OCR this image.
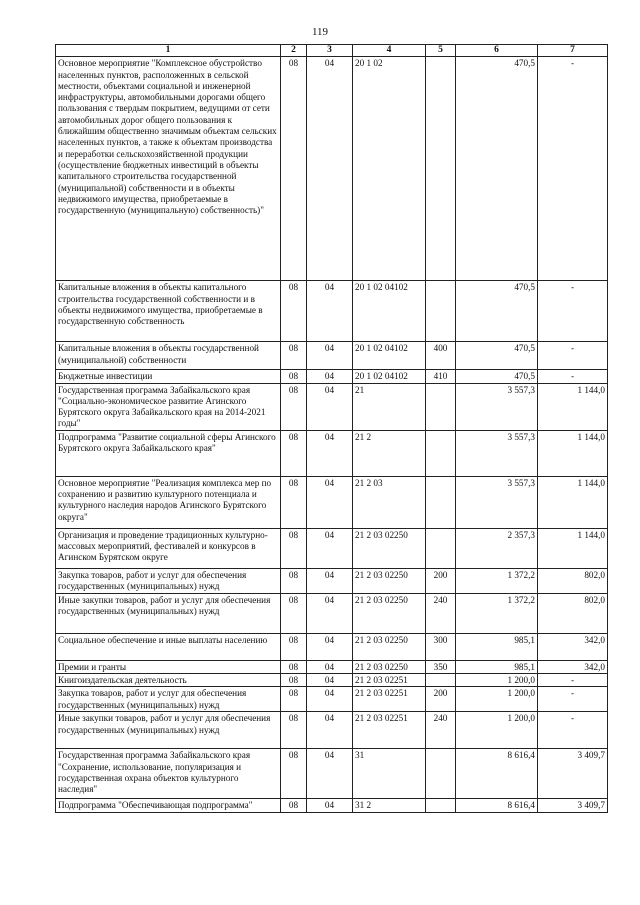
119
1	2	3	4	5	6	7
Основное мероприятие "Комплексное обустройство населенных пунктов, расположенных в сельской местности, объектами социальной и инженерной инфраструктуры, автомобильными дорогами общего пользования с твердым покрытием, ведущими от сети автомобильных дорог общего пользования к ближайшим общественно значимым объектам сельских населенных пунктов, а также к объектам производства и переработки сельскохозяйственной продукции (осуществление бюджетных инвестиций в объекты капитального строительства государственной (муниципальной) собственности и в объекты недвижимого имущества, приобретаемые в государственную (муниципальную) собственность)"	08	04	20 1 02		470,5	-
Капитальные вложения в объекты капитального строительства государственной собственности и в объекты недвижимого имущества, приобретаемые в государственную собственность	08	04	20 1 02 04102		470,5	-
Капитальные вложения в объекты государственной (муниципальной) собственности	08	04	20 1 02 04102	400	470,5	-
Бюджетные инвестиции	08	04	20 1 02 04102	410	470,5	-
Государственная программа Забайкальского края "Социально-экономическое развитие Агинского Бурятского округа Забайкальского края на 2014-2021 годы"	08	04	21		3 557,3	1 144,0
Подпрограмма "Развитие социальной сферы Агинского Бурятского округа Забайкальского края"	08	04	21 2		3 557,3	1 144,0
Основное мероприятие "Реализация комплекса мер по сохранению и развитию культурного потенциала и культурного наследия народов Агинского Бурятского округа"	08	04	21 2 03		3 557,3	1 144,0
Организация и проведение традиционных культурно-массовых мероприятий, фестивалей и конкурсов в Агинском Бурятском округе	08	04	21 2 03 02250		2 357,3	1 144,0
Закупка товаров, работ и услуг для обеспечения государственных (муниципальных) нужд	08	04	21 2 03 02250	200	1 372,2	802,0
Иные закупки товаров, работ и услуг для обеспечения государственных (муниципальных) нужд	08	04	21 2 03 02250	240	1 372,2	802,0
Социальное обеспечение и иные выплаты населению	08	04	21 2 03 02250	300	985,1	342,0
Премии и гранты	08	04	21 2 03 02250	350	985,1	342,0
Книгоиздательская деятельность	08	04	21 2 03 02251		1 200,0	-
Закупка товаров, работ и услуг для обеспечения государственных (муниципальных) нужд	08	04	21 2 03 02251	200	1 200,0	-
Иные закупки товаров, работ и услуг для обеспечения государственных (муниципальных) нужд	08	04	21 2 03 02251	240	1 200,0	-
Государственная программа Забайкальского края "Сохранение, использование, популяризация и государственная охрана объектов культурного наследия"	08	04	31		8 616,4	3 409,7
Подпрограмма "Обеспечивающая подпрограмма"	08	04	31 2		8 616,4	3 409,7
